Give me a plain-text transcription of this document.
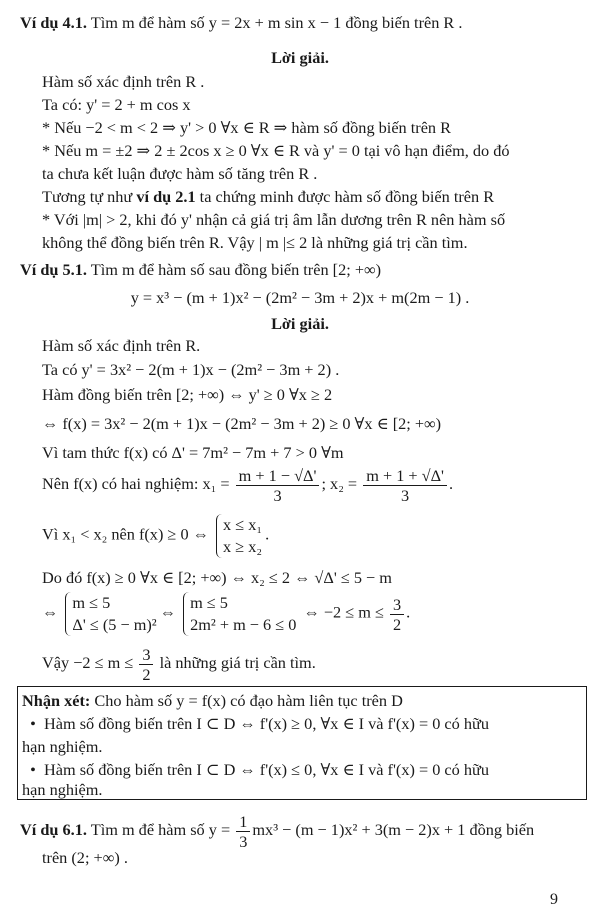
Ví dụ 4.1. Tìm m để hàm số y = 2x + m sin x − 1 đồng biến trên R .
Lời giải.
Hàm số xác định trên R .
Ta có: y' = 2 + m cos x
* Nếu −2 < m < 2 ⇒ y' > 0 ∀x ∈ R ⇒ hàm số đồng biến trên R
* Nếu m = ±2 ⇒ 2 ± 2cos x ≥ 0 ∀x ∈ R và y' = 0 tại vô hạn điểm, do đó
ta chưa kết luận được hàm số tăng trên R .
Tương tự như ví dụ 2.1 ta chứng minh được hàm số đồng biến trên R
* Với |m| > 2, khi đó y' nhận cả giá trị âm lẫn dương trên R nên hàm số
không thể đồng biến trên R. Vậy | m |≤ 2 là những giá trị cần tìm.
Ví dụ 5.1. Tìm m để hàm số sau đồng biến trên [2; +∞)
y = x³ − (m + 1)x² − (2m² − 3m + 2)x + m(2m − 1) .
Lời giải.
Hàm số xác định trên R.
Ta có y' = 3x² − 2(m + 1)x − (2m² − 3m + 2) .
Hàm đồng biến trên [2; +∞) ⇔ y' ≥ 0 ∀x ≥ 2
⇔ f(x) = 3x² − 2(m + 1)x − (2m² − 3m + 2) ≥ 0 ∀x ∈ [2; +∞)
Vì tam thức f(x) có Δ' = 7m² − 7m + 7 > 0 ∀m
Nên f(x) có hai nghiệm: $x_1 = \frac{m + 1 - √\Delta'}{3}$ ; $x_2 = \frac{m + 1 + √\Delta'}{3}$ .
Vì x₁ < x₂ nên f(x) ≥ 0 ⇔
x ≤ x₁
x ≥ x₂
.
Do đó f(x) ≥ 0 ∀x ∈ [2; +∞) ⇔ x₂ ≤ 2 ⇔ √Δ' ≤ 5 − m
⇔
m ≤ 5
Δ' ≤ (5 − m)²
⇔
m ≤ 5
2m² + m − 6 ≤ 0
⇔ $-2 \le m \le \frac{3}{2}$ .
Vậy $-2 \le m \le \frac{3}{2}$ là những giá trị cần tìm.
Nhận xét: Cho hàm số y = f(x) có đạo hàm liên tục trên D
• Hàm số đồng biến trên I ⊂ D ⇔ f'(x) ≥ 0, ∀x ∈ I và f'(x) = 0 có hữu
hạn nghiệm.
• Hàm số đồng biến trên I ⊂ D ⇔ f'(x) ≤ 0, ∀x ∈ I và f'(x) = 0 có hữu
hạn nghiệm.
Ví dụ 6.1. Tìm m để hàm số $y = \frac{1}{3} mx^3 - (m - 1)x^2 + 3(m - 2)x + 1$ đồng biến
trên (2; +∞) .
9
